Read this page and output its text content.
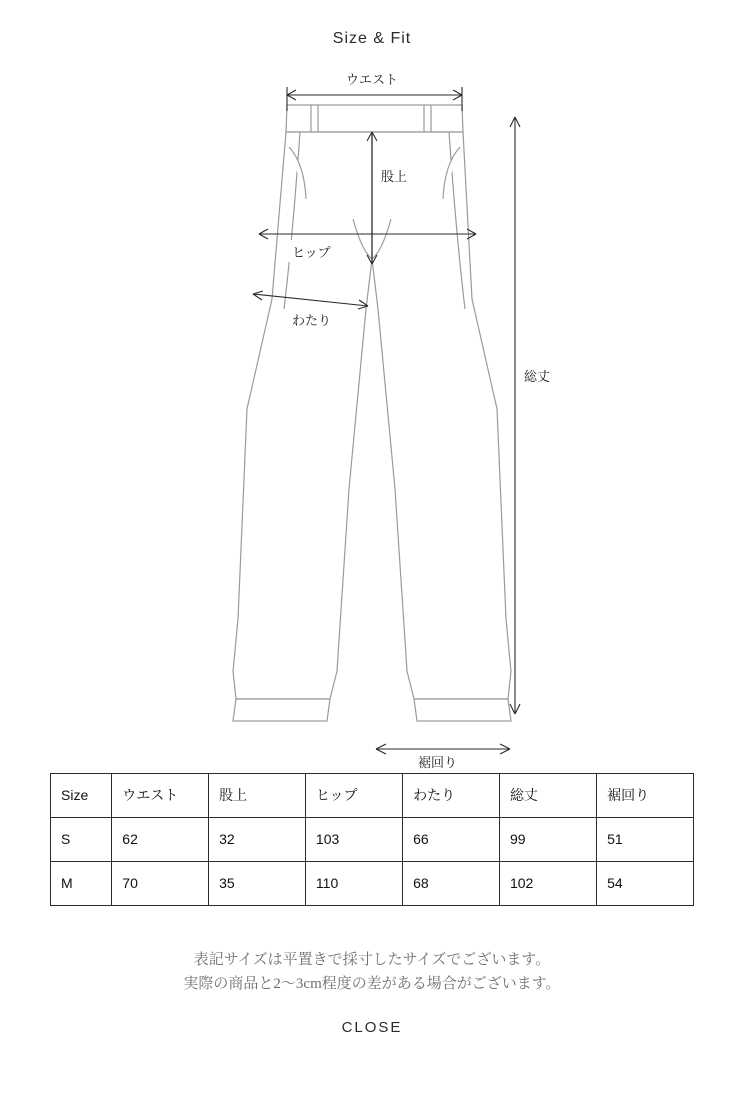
Size & Fit
ウエスト
股上
ヒップ
わたり
総丈
裾回り
Size	ウエスト	股上	ヒップ	わたり	総丈	裾回り
S	62	32	103	66	99	51
M	70	35	110	68	102	54
表記サイズは平置きで採寸したサイズでございます。
実際の商品と2〜3cm程度の差がある場合がございます。
CLOSE
